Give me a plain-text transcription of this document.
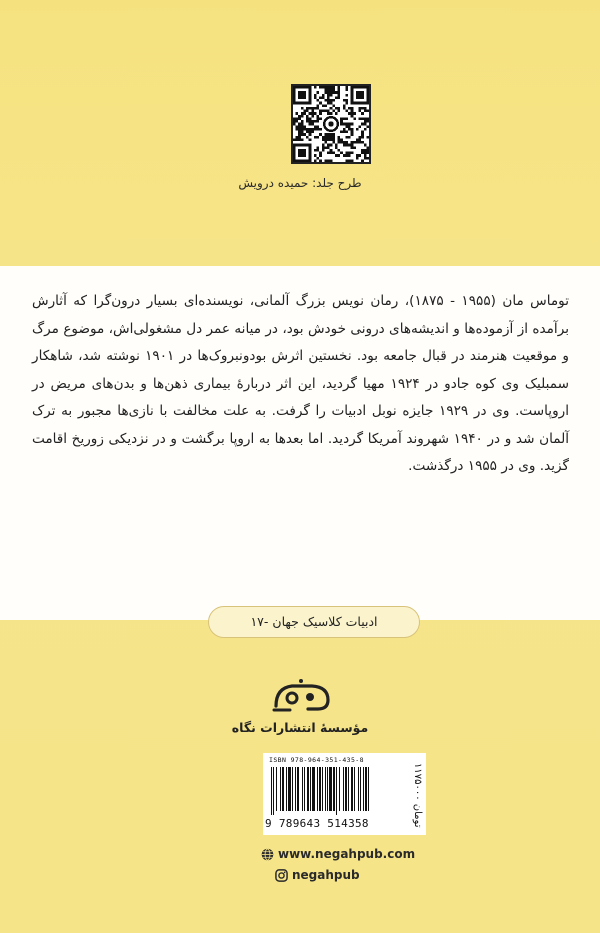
طرح جلد: حمیده درویش
توماس مان (۱۹۵۵ - ۱۸۷۵)، رمان نویس بزرگ آلمانی، نویسنده‌ای بسیار درون‌گرا که آثارش برآمده از آزموده‌ها و اندیشه‌های درونی خودش بود، در میانه عمر دل مشغولی‌اش، موضوع مرگ و موقعیت هنرمند در قبال جامعه بود. نخستین اثرش بودونبروک‌ها در ۱۹۰۱ نوشته شد، شاهکار سمبلیک وی کوه جادو در ۱۹۲۴ مهیا گردید، این اثر دربارهٔ بیماری ذهن‌ها و بدن‌های مریض در اروپاست. وی در ۱۹۲۹ جایزه نوبل ادبیات را گرفت. به علت مخالفت با نازی‌ها مجبور به ترک آلمان شد و در ۱۹۴۰ شهروند آمریکا گردید. اما بعدها به اروپا برگشت و در نزدیکی زوریخ اقامت گزید. وی در ۱۹۵۵ درگذشت.
ادبیات کلاسیک جهان -۱۷
مؤسسهٔ انتشارات نگاه
ISBN 978-964-351-435-8
9 789643 514358
۱۱۷۵۰۰۰ تومان
www.negahpub.com
negahpub
